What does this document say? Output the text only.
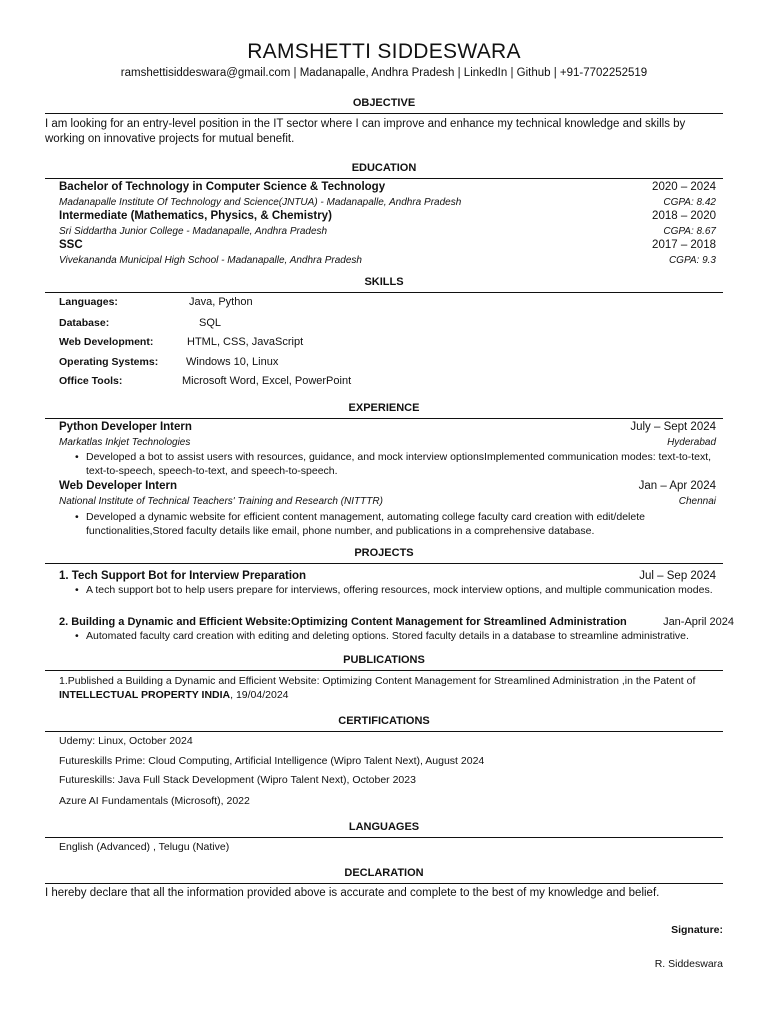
RAMSHETTI SIDDESWARA
ramshettisiddeswara@gmail.com | Madanapalle, Andhra Pradesh | LinkedIn | Github | +91-7702252519
OBJECTIVE
I am looking for an entry-level position in the IT sector where I can improve and enhance my technical knowledge and skills by
working on innovative projects for mutual benefit.
EDUCATION
Bachelor of Technology in Computer Science & Technology	2020 – 2024
Madanapalle Institute Of Technology and Science(JNTUA) - Madanapalle, Andhra Pradesh	CGPA: 8.42
Intermediate (Mathematics, Physics, & Chemistry)	2018 – 2020
Sri Siddartha Junior College - Madanapalle, Andhra Pradesh	CGPA: 8.67
SSC	2017 – 2018
Vivekananda Municipal High School - Madanapalle, Andhra Pradesh	CGPA: 9.3
SKILLS
Languages:	Java, Python
Database:	SQL
Web Development:	HTML, CSS, JavaScript
Operating Systems:	Windows 10, Linux
Office Tools:	Microsoft Word, Excel, PowerPoint
EXPERIENCE
Python Developer Intern	July – Sept 2024
Markatlas Inkjet Technologies	Hyderabad
• Developed a bot to assist users with resources, guidance, and mock interview optionsImplemented communication modes: text-to-text, text-to-speech, speech-to-text, and speech-to-speech.
Web Developer Intern	Jan – Apr 2024
National Institute of Technical Teachers' Training and Research (NITTTR)	Chennai
• Developed a dynamic website for efficient content management, automating college faculty card creation with edit/delete functionalities,Stored faculty details like email, phone number, and publications in a comprehensive database.
PROJECTS
1. Tech Support Bot for Interview Preparation	Jul – Sep 2024
• A tech support bot to help users prepare for interviews, offering resources, mock interview options, and multiple communication modes.
2. Building a Dynamic and Efficient Website:Optimizing Content Management for Streamlined Administration	Jan-April 2024
• Automated faculty card creation with editing and deleting options. Stored faculty details in a database to streamline administrative.
PUBLICATIONS
1.Published a Building a Dynamic and Efficient Website: Optimizing Content Management for Streamlined Administration ,in the Patent of
INTELLECTUAL PROPERTY INDIA, 19/04/2024
CERTIFICATIONS
Udemy: Linux, October 2024
Futureskills Prime: Cloud Computing, Artificial Intelligence (Wipro Talent Next), August 2024
Futureskills: Java Full Stack Development (Wipro Talent Next), October 2023
Azure AI Fundamentals (Microsoft), 2022
LANGUAGES
English (Advanced) , Telugu (Native)
DECLARATION
I hereby declare that all the information provided above is accurate and complete to the best of my knowledge and belief.
Signature:
R. Siddeswara
